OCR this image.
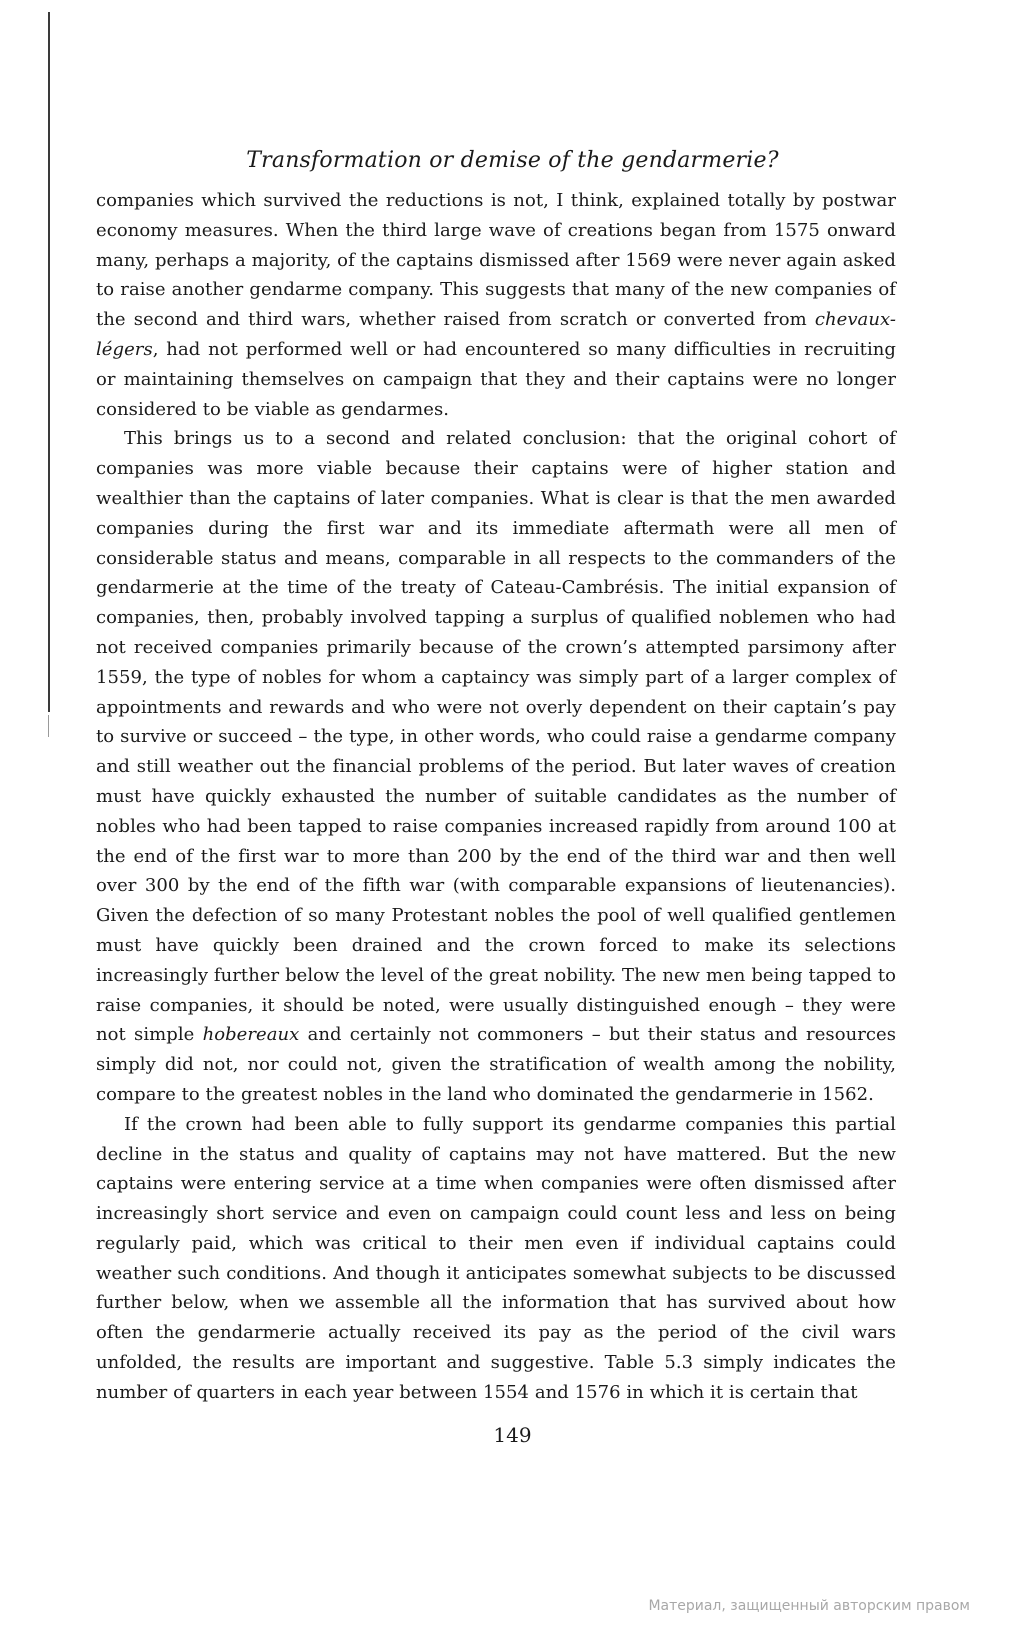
Transformation or demise of the gendarmerie?

companies which survived the reductions is not, I think, explained totally by postwar economy measures. When the third large wave of creations began from 1575 onward many, perhaps a majority, of the captains dismissed after 1569 were never again asked to raise another gendarme company. This suggests that many of the new companies of the second and third wars, whether raised from scratch or converted from chevaux-légers, had not performed well or had encountered so many difficulties in recruiting or maintaining themselves on campaign that they and their captains were no longer considered to be viable as gendarmes.

This brings us to a second and related conclusion: that the original cohort of companies was more viable because their captains were of higher station and wealthier than the captains of later companies. What is clear is that the men awarded companies during the first war and its immediate aftermath were all men of considerable status and means, comparable in all respects to the commanders of the gendarmerie at the time of the treaty of Cateau-Cambrésis. The initial expansion of companies, then, probably involved tapping a surplus of qualified noblemen who had not received companies primarily because of the crown’s attempted parsimony after 1559, the type of nobles for whom a captaincy was simply part of a larger complex of appointments and rewards and who were not overly dependent on their captain’s pay to survive or succeed – the type, in other words, who could raise a gendarme company and still weather out the financial problems of the period. But later waves of creation must have quickly exhausted the number of suitable candidates as the number of nobles who had been tapped to raise companies increased rapidly from around 100 at the end of the first war to more than 200 by the end of the third war and then well over 300 by the end of the fifth war (with comparable expansions of lieutenancies). Given the defection of so many Protestant nobles the pool of well qualified gentlemen must have quickly been drained and the crown forced to make its selections increasingly further below the level of the great nobility. The new men being tapped to raise companies, it should be noted, were usually distinguished enough – they were not simple hobereaux and certainly not commoners – but their status and resources simply did not, nor could not, given the stratification of wealth among the nobility, compare to the greatest nobles in the land who dominated the gendarmerie in 1562.

If the crown had been able to fully support its gendarme companies this partial decline in the status and quality of captains may not have mattered. But the new captains were entering service at a time when companies were often dismissed after increasingly short service and even on campaign could count less and less on being regularly paid, which was critical to their men even if individual captains could weather such conditions. And though it anticipates somewhat subjects to be discussed further below, when we assemble all the information that has survived about how often the gendarmerie actually received its pay as the period of the civil wars unfolded, the results are important and suggestive. Table 5.3 simply indicates the number of quarters in each year between 1554 and 1576 in which it is certain that

149
Материал, защищенный авторским правом
